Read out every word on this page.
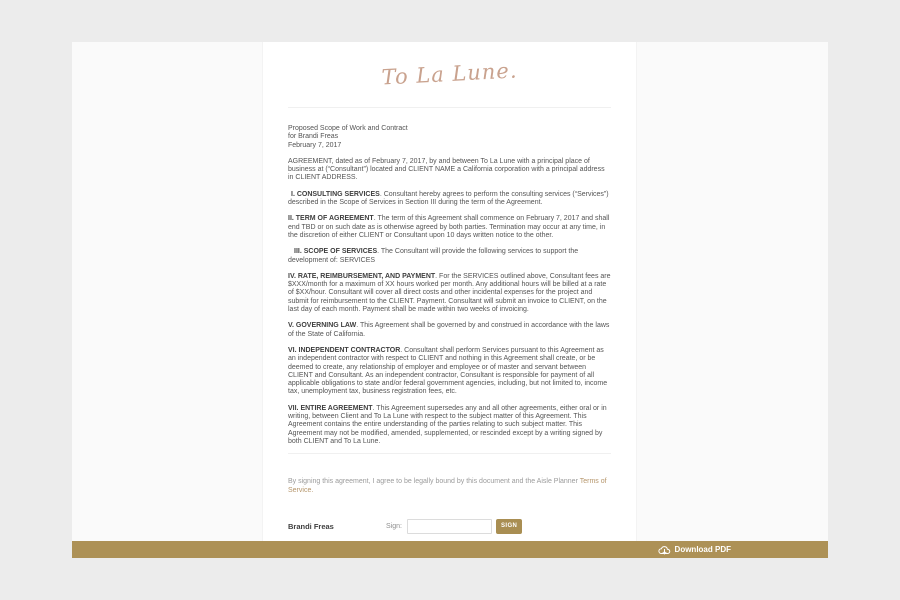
To La Lune.
Proposed Scope of Work and Contract
for Brandi Freas
February 7, 2017

AGREEMENT, dated as of February 7, 2017, by and between To La Lune with a principal place of business at (“Consultant”) located and CLIENT NAME a California corporation with a principal address in CLIENT ADDRESS.

I. CONSULTING SERVICES. Consultant hereby agrees to perform the consulting services (“Services”) described in the Scope of Services in Section III during the term of the Agreement.

II. TERM OF AGREEMENT. The term of this Agreement shall commence on February 7, 2017 and shall end TBD or on such date as is otherwise agreed by both parties. Termination may occur at any time, in the discretion of either CLIENT or Consultant upon 10 days written notice to the other.

III. SCOPE OF SERVICES. The Consultant will provide the following services to support the development of: SERVICES

IV. RATE, REIMBURSEMENT, AND PAYMENT. For the SERVICES outlined above, Consultant fees are $XXX/month for a maximum of XX hours worked per month. Any additional hours will be billed at a rate of $XX/hour. Consultant will cover all direct costs and other incidental expenses for the project and submit for reimbursement to the CLIENT. Payment. Consultant will submit an invoice to CLIENT, on the last day of each month. Payment shall be made within two weeks of invoicing.

V. GOVERNING LAW. This Agreement shall be governed by and construed in accordance with the laws of the State of California.

VI. INDEPENDENT CONTRACTOR. Consultant shall perform Services pursuant to this Agreement as an independent contractor with respect to CLIENT and nothing in this Agreement shall create, or be deemed to create, any relationship of employer and employee or of master and servant between CLIENT and Consultant. As an independent contractor, Consultant is responsible for payment of all applicable obligations to state and/or federal government agencies, including, but not limited to, income tax, unemployment tax, business registration fees, etc.

VII. ENTIRE AGREEMENT. This Agreement supersedes any and all other agreements, either oral or in writing, between Client and To La Lune with respect to the subject matter of this Agreement. This Agreement contains the entire understanding of the parties relating to such subject matter. This Agreement may not be modified, amended, supplemented, or rescinded except by a writing signed by both CLIENT and To La Lune.

By signing this agreement, I agree to be legally bound by this document and the Aisle Planner Terms of Service.

Brandi Freas	Sign:	SIGN
Download PDF
